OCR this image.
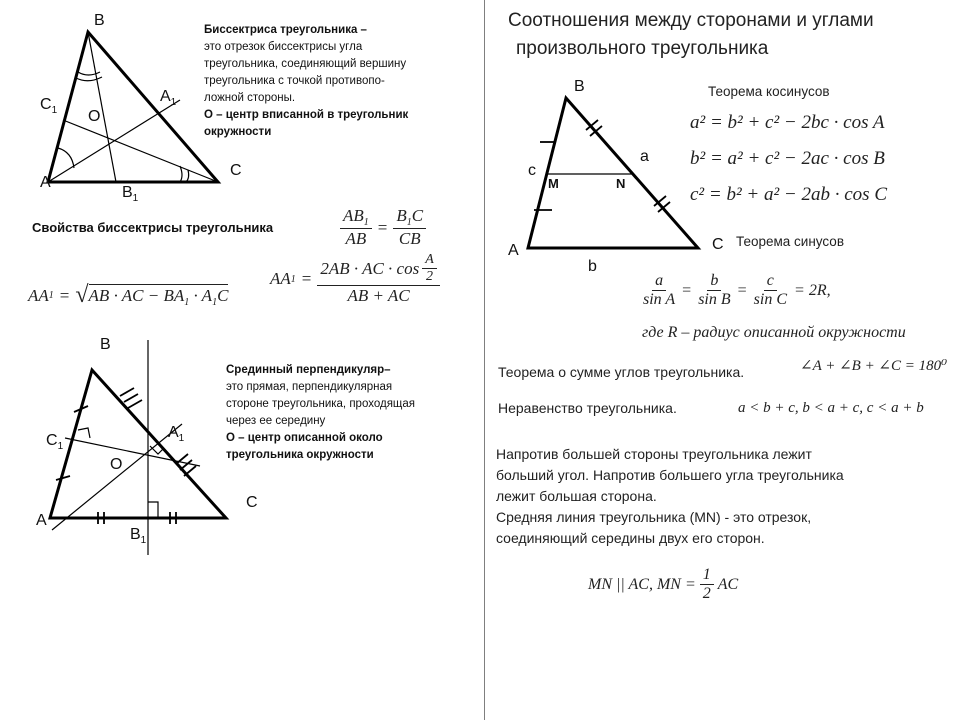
B
A
C
O
$C_1$
$A_1$
$B_1$
Биссектриса треугольника –
это отрезок биссектрисы угла
треугольника, соединяющий вершину
треугольника с точкой противопо-
ложной стороны.
О – центр вписанной в треугольник окружности
Свойства биссектрисы треугольника	$\frac{AB_1}{AB} = \frac{B_1C}{CB}$
AA 1 = √ AB · AC − $BA_1 \cdot A_1C$
AA $1 = \frac{2AB \cdot AC \cdot \cos \frac{A}{2}}{AB + AC}$
B
A
C
O
$C_1$
$A_1$
$B_1$
Срединный перпендикуляр–
это прямая, перпендикулярная
стороне треугольника, проходящая
через ее середину
О – центр описанной около треугольника окружности
Соотношения между сторонами и углами
произвольного треугольника
B
A	C
a
b
c
M	N
Теорема косинусов
a² = b² + c² − 2bc · cos A
b² = a² + c² − 2ac · cos B
c² = b² + a² − 2ab · cos C
Теорема синусов
$\frac{a}{\text{sin A}} = \frac{b}{\text{sin B}} = \frac{c}{\text{sin C}} = 2R$,
где R – радиус описанной окружности
Теорема о сумме углов треугольника.	∠A + ∠B + ∠C = 180⁰
Неравенство треугольника.	a < b + c, b < a + c, c < a + b
Напротив большей стороны треугольника лежит
больший угол. Напротив большего угла треугольника
лежит большая сторона.
Средняя линия треугольника (MN) - это отрезок,
соединяющий середины двух его сторон.
MN || AC, MN = $\frac{1}{2}$ AC
